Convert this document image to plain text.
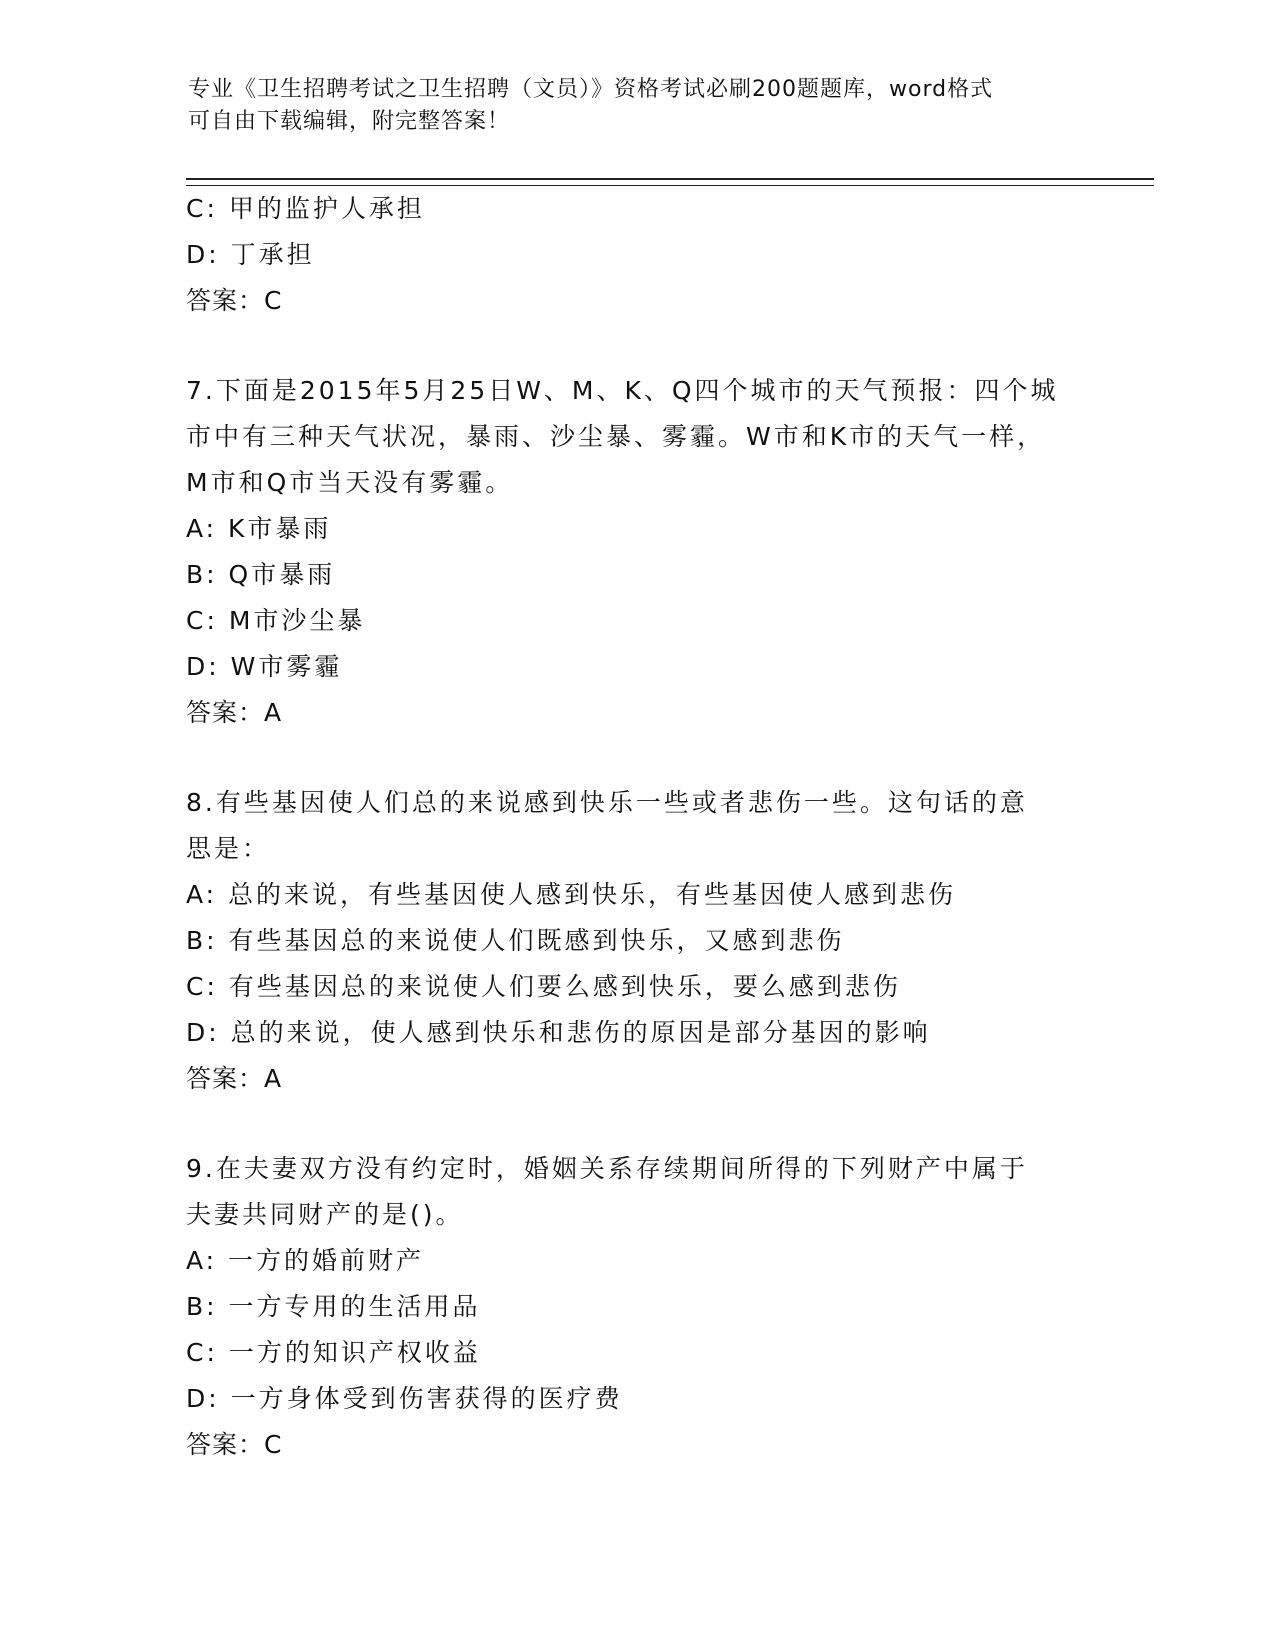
专业《卫生招聘考试之卫生招聘（文员）》资格考试必刷200题题库，word格式
可自由下载编辑，附完整答案！
C: 甲的监护人承担
D: 丁承担
答案：C
7.下面是2015年5月25日W、M、K、Q四个城市的天气预报：四个城
市中有三种天气状况，暴雨、沙尘暴、雾霾。W市和K市的天气一样，
M市和Q市当天没有雾霾。
A: K市暴雨
B: Q市暴雨
C: M市沙尘暴
D: W市雾霾
答案：A
8.有些基因使人们总的来说感到快乐一些或者悲伤一些。这句话的意
思是：
A: 总的来说，有些基因使人感到快乐，有些基因使人感到悲伤
B: 有些基因总的来说使人们既感到快乐，又感到悲伤
C: 有些基因总的来说使人们要么感到快乐，要么感到悲伤
D: 总的来说，使人感到快乐和悲伤的原因是部分基因的影响
答案：A
9.在夫妻双方没有约定时，婚姻关系存续期间所得的下列财产中属于
夫妻共同财产的是()。
A: 一方的婚前财产
B: 一方专用的生活用品
C: 一方的知识产权收益
D: 一方身体受到伤害获得的医疗费
答案：C
